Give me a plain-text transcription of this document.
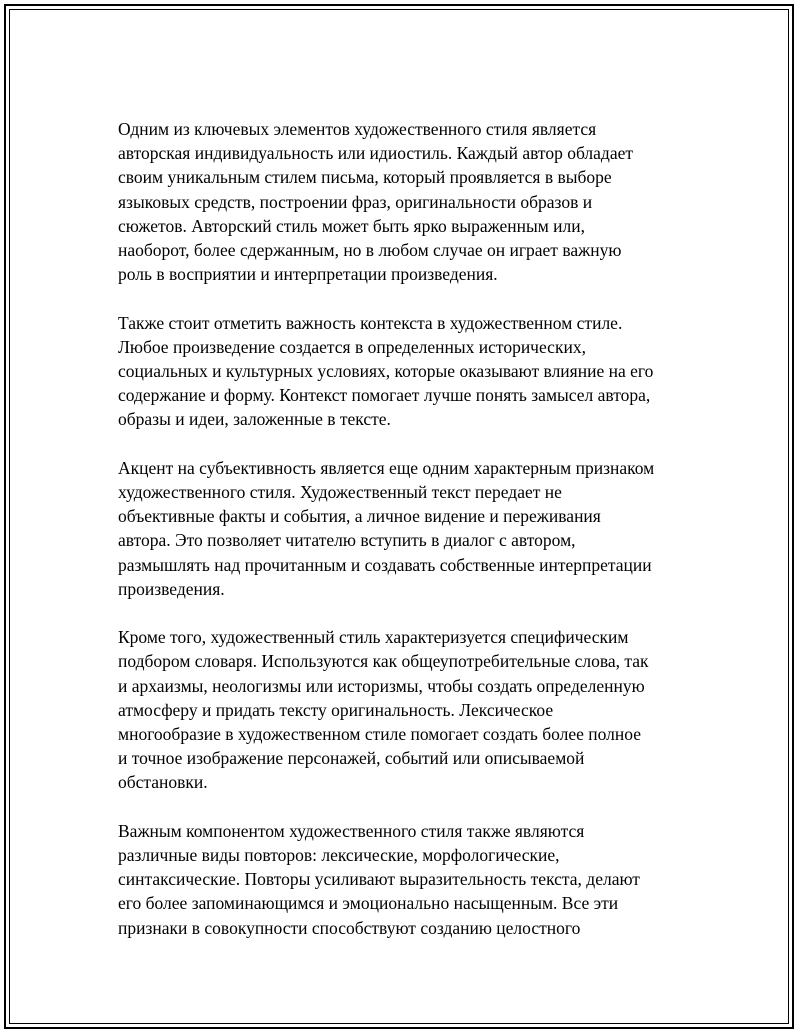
Одним из ключевых элементов художественного стиля является
авторская индивидуальность или идиостиль. Каждый автор обладает
своим уникальным стилем письма, который проявляется в выборе
языковых средств, построении фраз, оригинальности образов и
сюжетов. Авторский стиль может быть ярко выраженным или,
наоборот, более сдержанным, но в любом случае он играет важную
роль в восприятии и интерпретации произведения.

Также стоит отметить важность контекста в художественном стиле.
Любое произведение создается в определенных исторических,
социальных и культурных условиях, которые оказывают влияние на его
содержание и форму. Контекст помогает лучше понять замысел автора,
образы и идеи, заложенные в тексте.

Акцент на субъективность является еще одним характерным признаком
художественного стиля. Художественный текст передает не
объективные факты и события, а личное видение и переживания
автора. Это позволяет читателю вступить в диалог с автором,
размышлять над прочитанным и создавать собственные интерпретации
произведения.

Кроме того, художественный стиль характеризуется специфическим
подбором словаря. Используются как общеупотребительные слова, так
и архаизмы, неологизмы или историзмы, чтобы создать определенную
атмосферу и придать тексту оригинальность. Лексическое
многообразие в художественном стиле помогает создать более полное
и точное изображение персонажей, событий или описываемой
обстановки.

Важным компонентом художественного стиля также являются
различные виды повторов: лексические, морфологические,
синтаксические. Повторы усиливают выразительность текста, делают
его более запоминающимся и эмоционально насыщенным. Все эти
признаки в совокупности способствуют созданию целостного
